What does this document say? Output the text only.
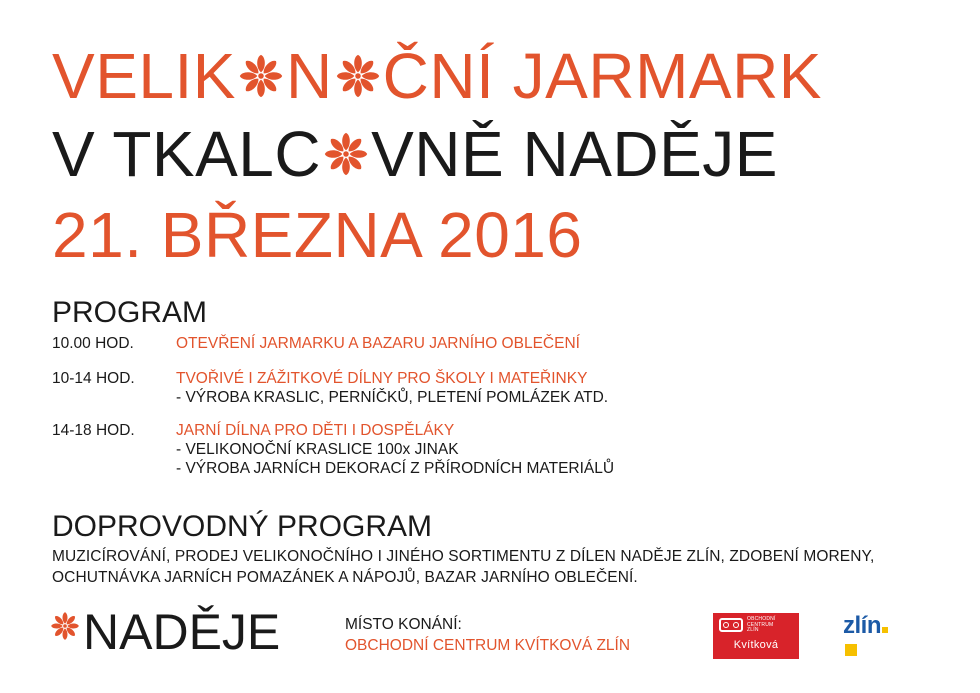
VELIK N ČNÍ JARMARK
V TKALC VNĚ NADĚJE
21. BŘEZNA 2016
PROGRAM
10.00 HOD.	OTEVŘENÍ JARMARKU A BAZARU JARNÍHO OBLEČENÍ
10-14 HOD.	TVOŘIVÉ I ZÁŽITKOVÉ DÍLNY PRO ŠKOLY I MATEŘINKY
- VÝROBA KRASLIC, PERNÍČKŮ, PLETENÍ POMLÁZEK ATD.
14-18 HOD.	JARNÍ DÍLNA PRO DĚTI I DOSPĚLÁKY
- VELIKONOČNÍ KRASLICE 100x JINAK
- VÝROBA JARNÍCH DEKORACÍ Z PŘÍRODNÍCH MATERIÁLŮ
DOPROVODNÝ PROGRAM
MUZICÍROVÁNÍ, PRODEJ VELIKONOČNÍHO I JINÉHO SORTIMENTU Z DÍLEN NADĚJE ZLÍN, ZDOBENÍ MORENY, OCHUTNÁVKA JARNÍCH POMAZÁNEK A NÁPOJŮ, BAZAR JARNÍHO OBLEČENÍ.
NADĚJE	MÍSTO KONÁNÍ:
OBCHODNÍ CENTRUM KVÍTKOVÁ ZLÍN
OBCHODNÍ
CENTRUM
ZLÍN
Kvítková
zlín
